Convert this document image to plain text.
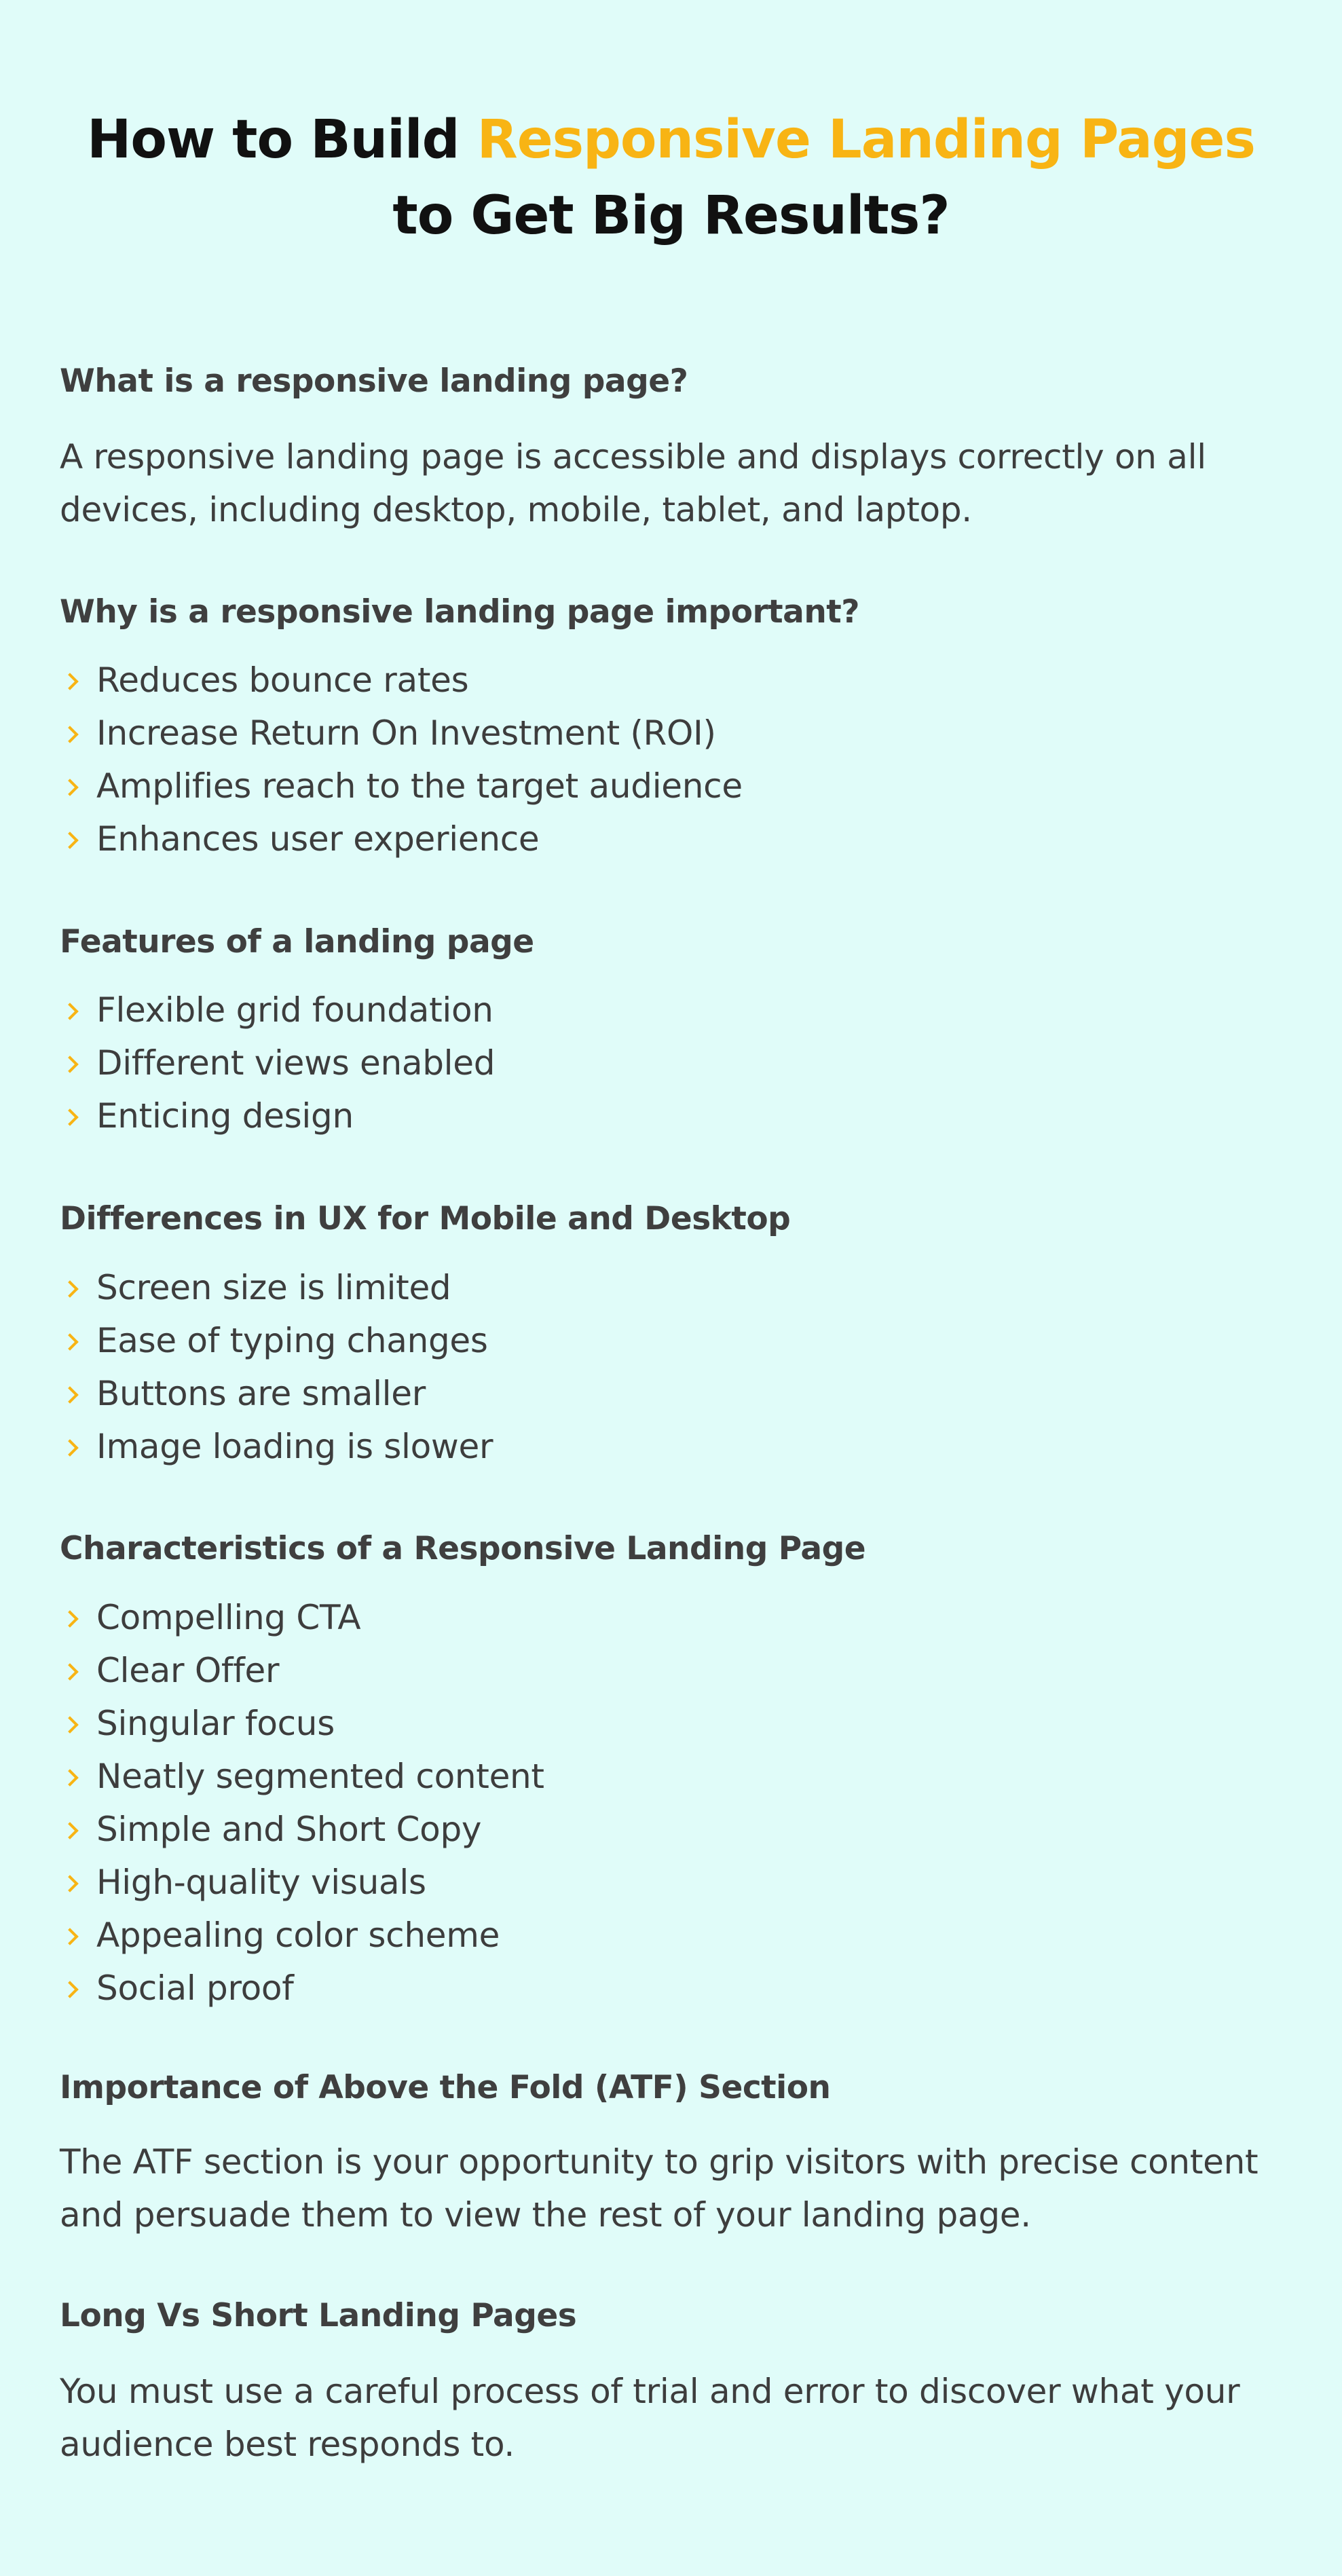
How to Build Responsive Landing Pages
to Get Big Results?
What is a responsive landing page?

A responsive landing page is accessible and displays correctly on all devices, including desktop, mobile, tablet, and laptop.

Why is a responsive landing page important?
Reduces bounce rates
Increase Return On Investment (ROI)
Amplifies reach to the target audience
Enhances user experience
Features of a landing page
Flexible grid foundation
Different views enabled
Enticing design
Differences in UX for Mobile and Desktop
Screen size is limited
Ease of typing changes
Buttons are smaller
Image loading is slower
Characteristics of a Responsive Landing Page
Compelling CTA
Clear Offer
Singular focus
Neatly segmented content
Simple and Short Copy
High-quality visuals
Appealing color scheme
Social proof
Importance of Above the Fold (ATF) Section

The ATF section is your opportunity to grip visitors with precise content and persuade them to view the rest of your landing page.

Long Vs Short Landing Pages

You must use a careful process of trial and error to discover what your audience best responds to.
